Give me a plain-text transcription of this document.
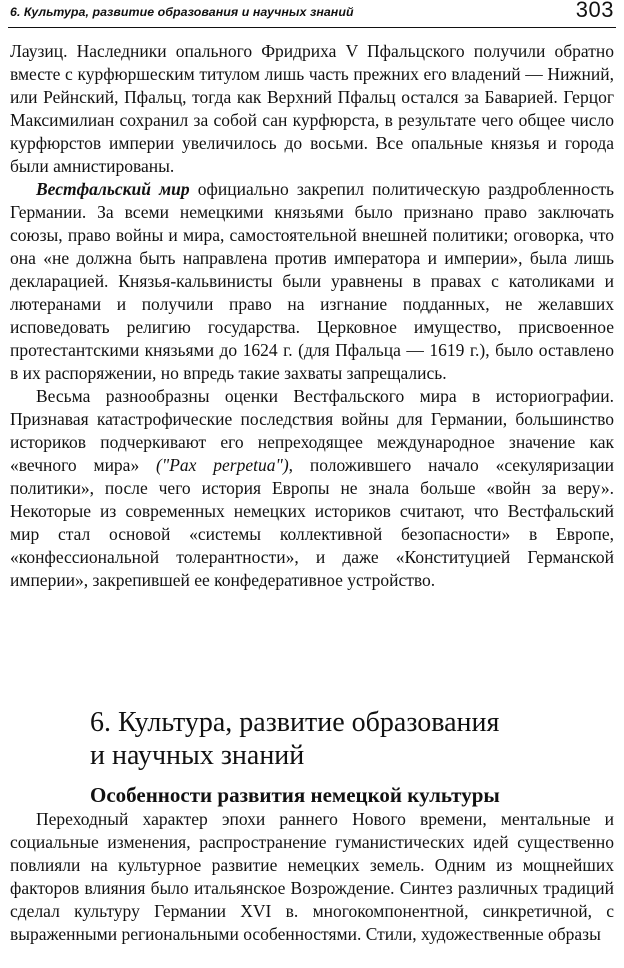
6. Культура, развитие образования и научных знаний	303

Лаузиц. Наследники опального Фридриха V Пфальцского получили обратно вместе с курфюршеским титулом лишь часть прежних его владений — Нижний, или Рейнский, Пфальц, тогда как Верхний Пфальц остался за Баварией. Герцог Максимилиан сохранил за собой сан курфюрста, в результате чего общее число курфюрстов империи увеличилось до восьми. Все опальные князья и города были амнистированы.

Вестфальский мир официально закрепил политическую раздробленность Германии. За всеми немецкими князьями было признано право заключать союзы, право войны и мира, самостоятельной внешней политики; оговорка, что она «не должна быть направлена против императора и империи», была лишь декларацией. Князья-кальвинисты были уравнены в правах с католиками и лютеранами и получили право на изгнание подданных, не желавших исповедовать религию государства. Церковное имущество, присвоенное протестантскими князьями до 1624 г. (для Пфальца — 1619 г.), было оставлено в их распоряжении, но впредь такие захваты запрещались.

Весьма разнообразны оценки Вестфальского мира в историографии. Признавая катастрофические последствия войны для Германии, большинство историков подчеркивают его непреходящее международное значение как «вечного мира» ("Pax perpetua"), положившего начало «секуляризации политики», после чего история Европы не знала больше «войн за веру». Некоторые из современных немецких историков считают, что Вестфальский мир стал основой «системы коллективной безопасности» в Европе, «конфессиональной толерантности», и даже «Конституцией Германской империи», закрепившей ее конфедеративное устройство.

6. Культура, развитие образования
и научных знаний
Особенности развития немецкой культуры

Переходный характер эпохи раннего Нового времени, ментальные и социальные изменения, распространение гуманистических идей существенно повлияли на культурное развитие немецких земель. Одним из мощнейших факторов влияния было итальянское Возрождение. Синтез различных традиций сделал культуру Германии XVI в. многокомпонентной, синкретичной, с выраженными региональными особенностями. Стили, художественные образы
